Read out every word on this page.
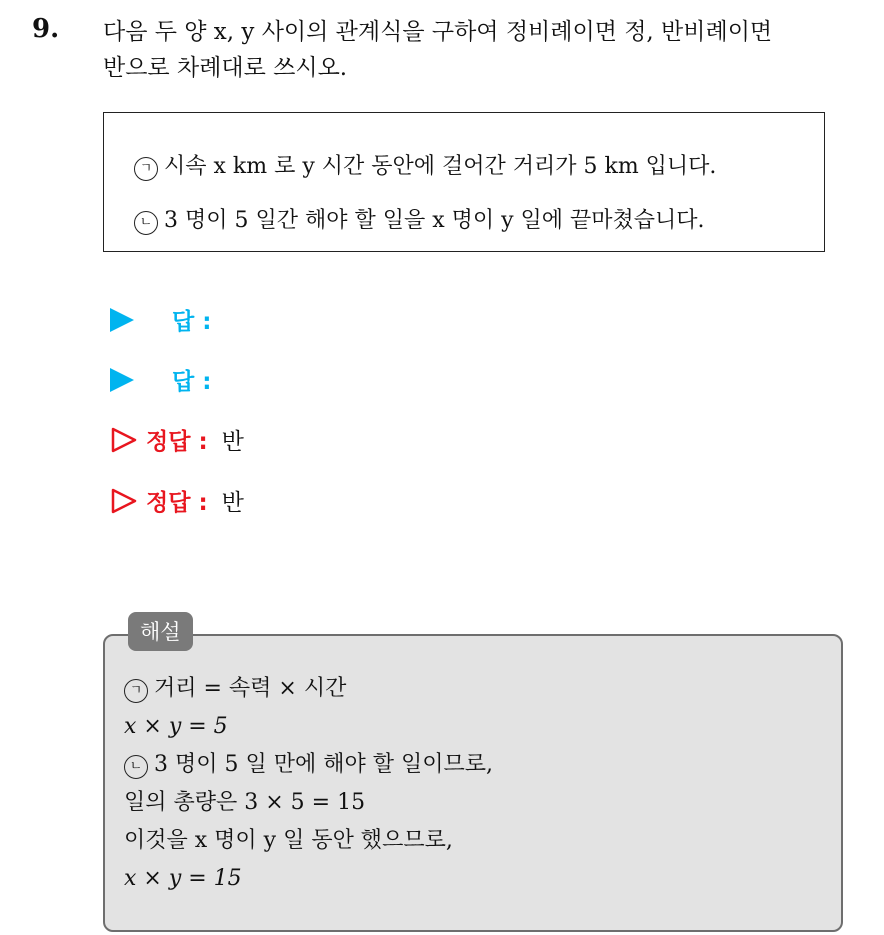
9. 다음 두 양 x, y 사이의 관계식을 구하여 정비례이면 정, 반비례이면

반으로 차례대로 쓰시오.

ㄱ 시속 x km 로 y 시간 동안에 걸어간 거리가 5 km 입니다.
ㄴ 3 명이 5 일간 해야 할 일을 x 명이 y 일에 끝마쳤습니다.
답 :
답 :
정답 : 반
정답 : 반
해설
ㄱ 거리 = 속력 × 시간
x × y = 5
ㄴ 3 명이 5 일 만에 해야 할 일이므로,
일의 총량은 3 × 5 = 15
이것을 x 명이 y 일 동안 했으므로,
x × y = 15
